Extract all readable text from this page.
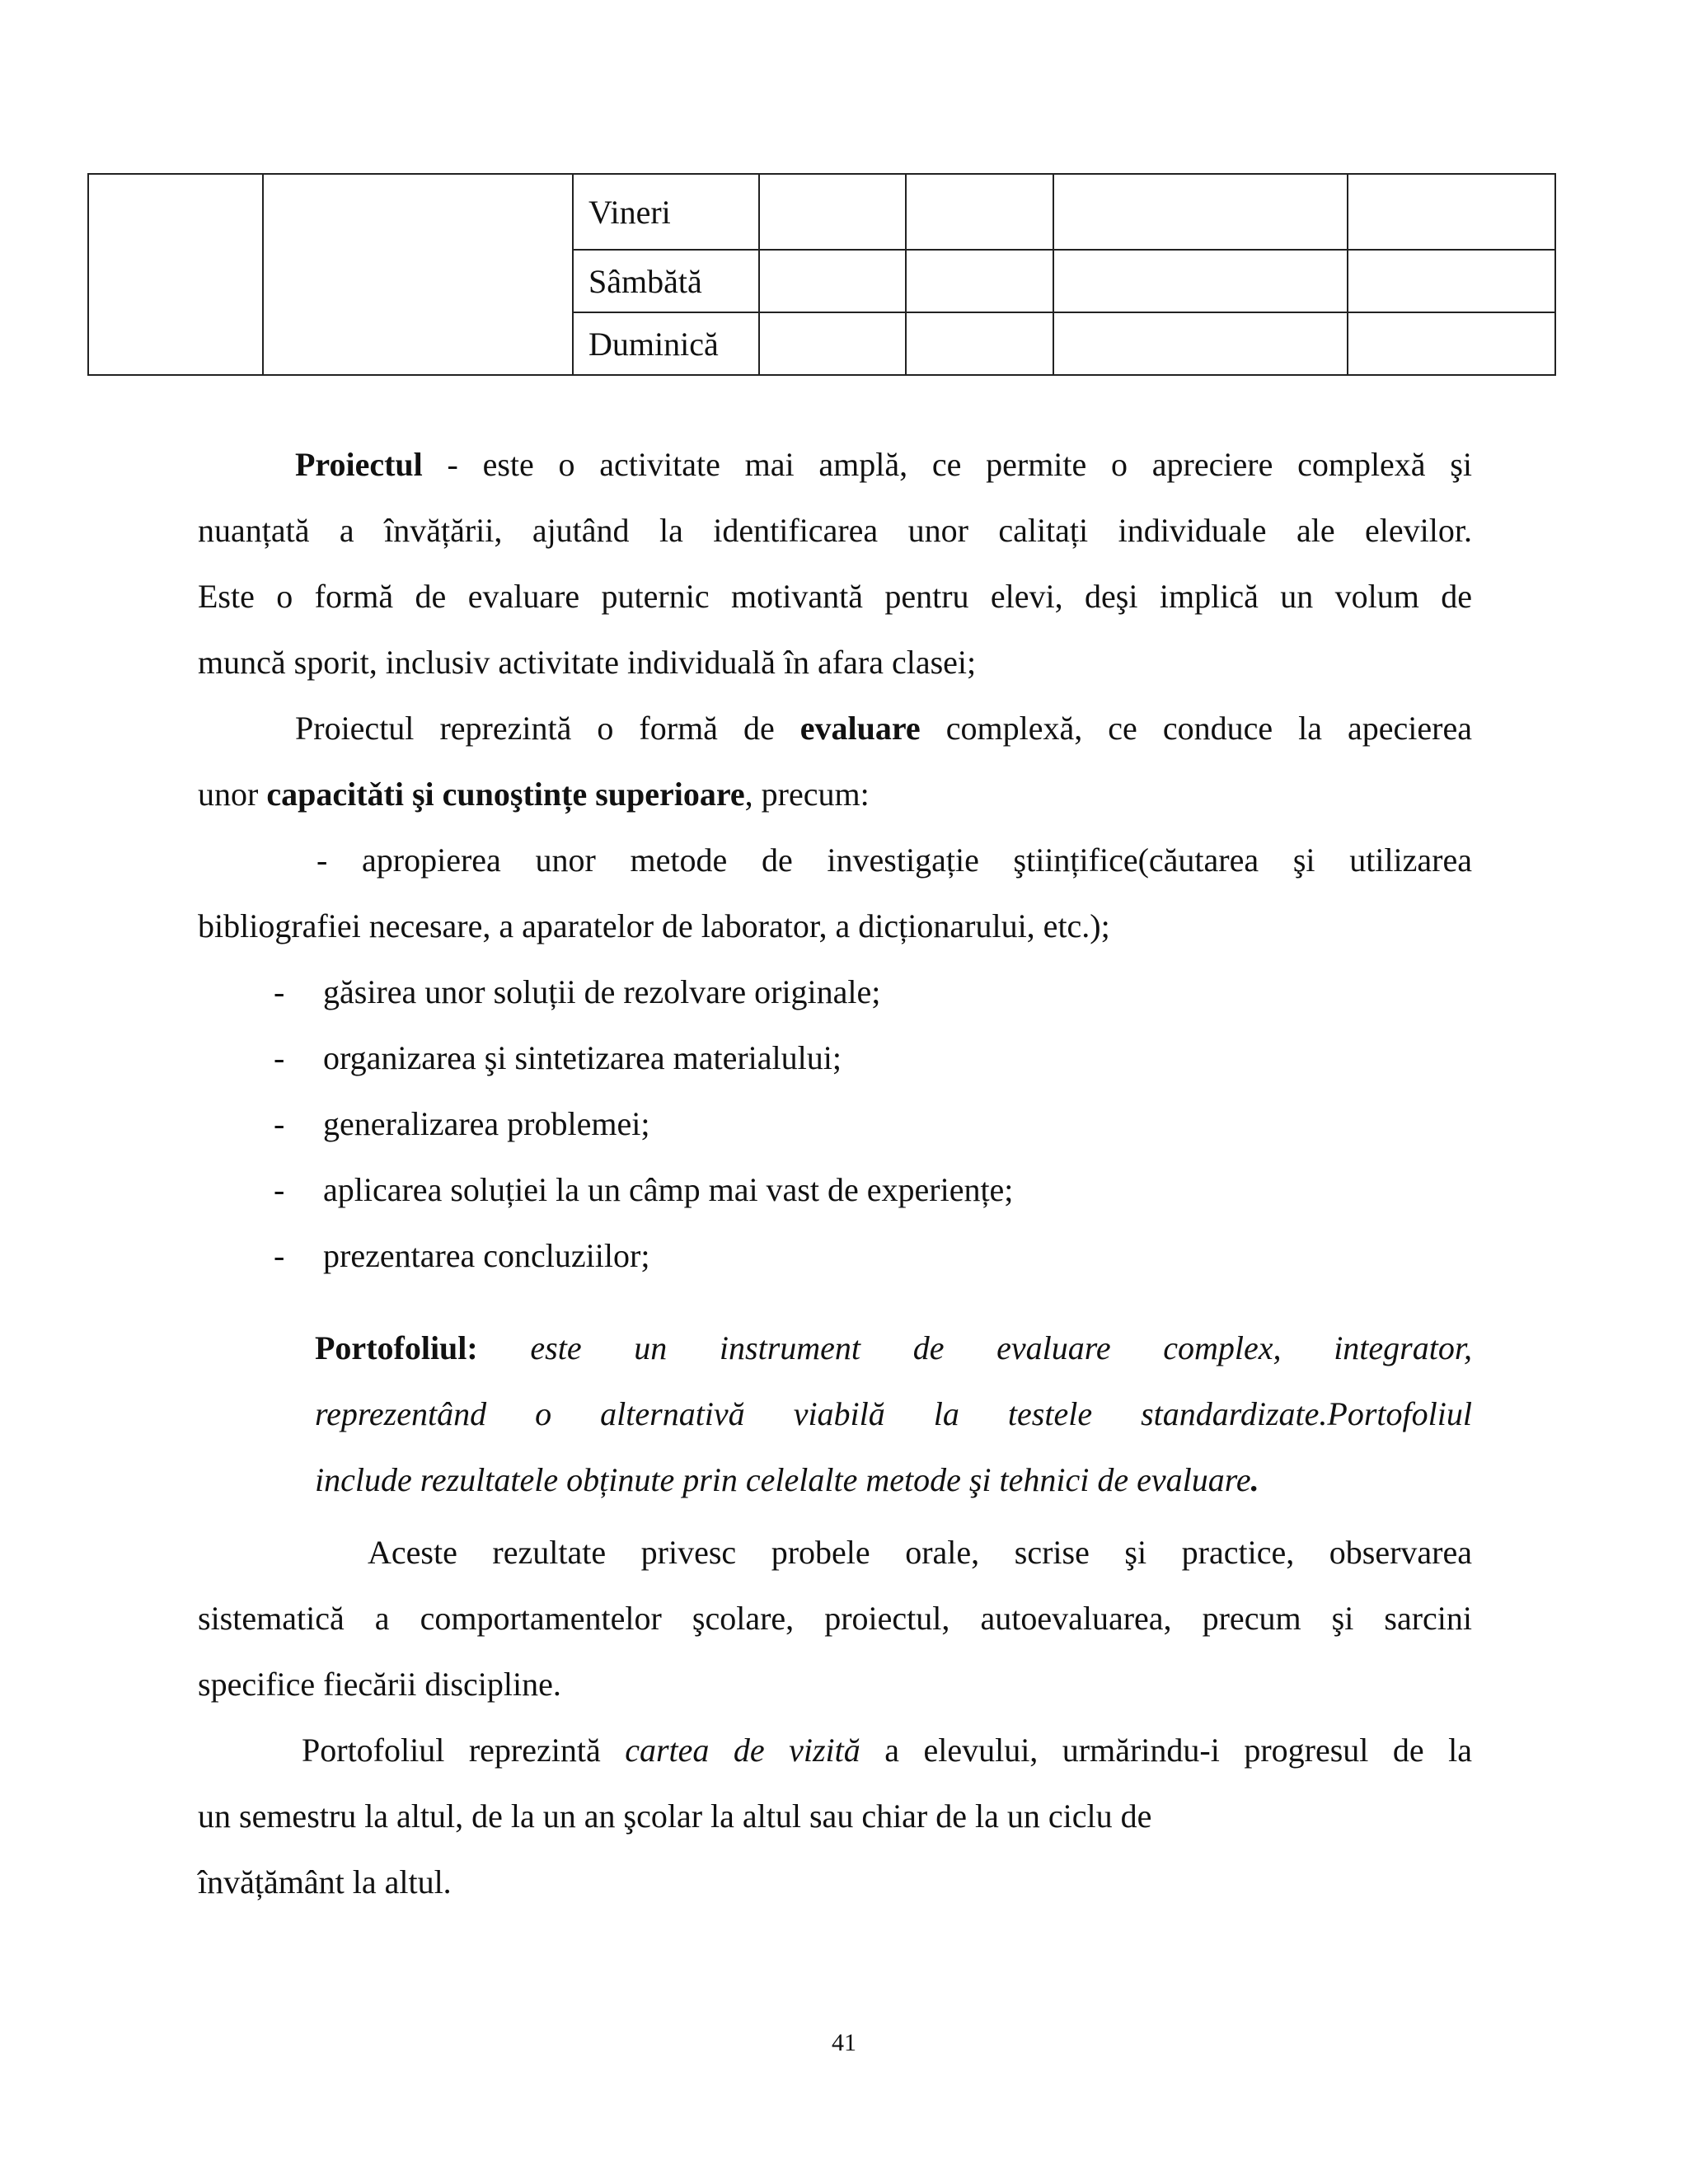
		Vineri				
		Sâmbătă				
		Duminică				
Proiectul - este o activitate mai amplă, ce permite o apreciere complexă şi
nuanțată a învățării, ajutând la identificarea unor calitați individuale ale elevilor.
Este o formă de evaluare puternic motivantă pentru elevi, deşi implică un volum de
muncă sporit, inclusiv activitate individuală în afara clasei;
Proiectul reprezintă o formă de evaluare complexă, ce conduce la apecierea
unor capacitǎti şi cunoştințe superioare, precum:
- apropierea unor metode de investigație ştiințifice(căutarea şi utilizarea
bibliografiei necesare, a aparatelor de laborator, a dicționarului, etc.);
- găsirea unor soluții de rezolvare originale;
- organizarea şi sintetizarea materialului;
- generalizarea problemei;
- aplicarea soluției la un câmp mai vast de experiențe;
- prezentarea concluziilor;
Portofoliul: este un instrument de evaluare complex, integrator,
reprezentând o alternativă viabilă la testele standardizate.Portofoliul
include rezultatele obținute prin celelalte metode şi tehnici de evaluare.
Aceste rezultate privesc probele orale, scrise şi practice, observarea
sistematică a comportamentelor şcolare, proiectul, autoevaluarea, precum şi sarcini
specifice fiecării discipline.
Portofoliul reprezintă cartea de vizită a elevului, urmărindu-i progresul de la
un semestru la altul, de la un an şcolar la altul sau chiar de la un ciclu de
învățământ la altul.
41
